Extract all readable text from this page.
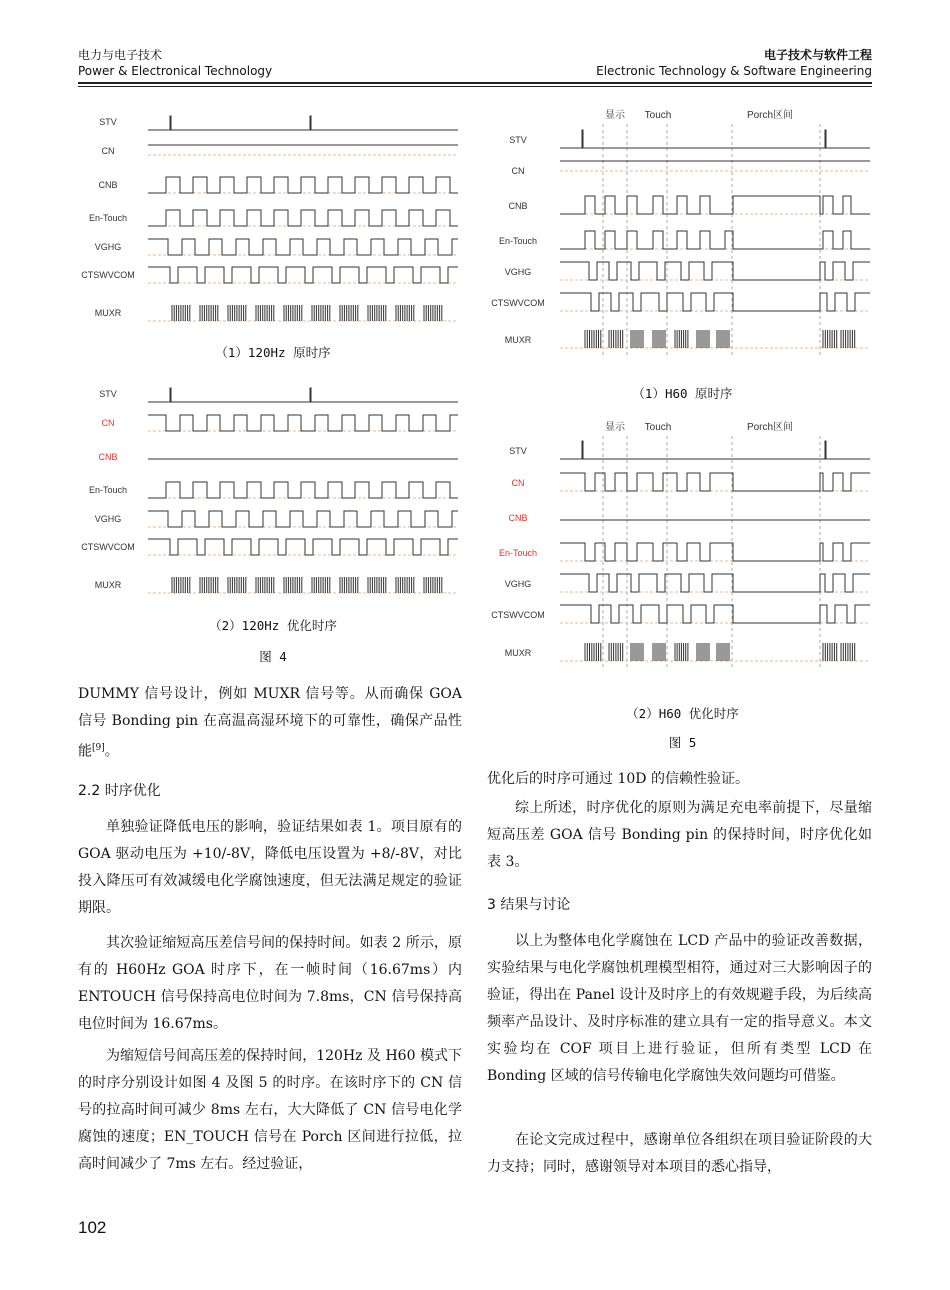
电力与电子技术
Power & Electronical Technology
电子技术与软件工程
Electronic Technology & Software Engineering
STV
CN
CNB
En-Touch
VGHG
CTSWVCOM
MUXR
（1）120Hz 原时序
STV
CN
CNB
En-Touch
VGHG
CTSWVCOM
MUXR
（2）120Hz 优化时序
图 4
显示 Touch	Porch区间
STV
CN
CNB
En-Touch
VGHG
CTSWVCOM
MUXR
（1）H60 原时序
显示 Touch	Porch区间
STV
CN
CNB
En-Touch
VGHG
CTSWVCOM
MUXR
（2）H60 优化时序
图 5
DUMMY 信号设计，例如 MUXR 信号等。从而确保 GOA 信号 Bonding pin 在高温高湿环境下的可靠性，确保产品性能[9]。
2.2 时序优化
单独验证降低电压的影响，验证结果如表 1。项目原有的 GOA 驱动电压为 +10/-8V，降低电压设置为 +8/-8V，对比投入降压可有效减缓电化学腐蚀速度，但无法满足规定的验证期限。
其次验证缩短高压差信号间的保持时间。如表 2 所示，原有的 H60Hz GOA 时序下，在一帧时间（16.67ms）内 ENTOUCH 信号保持高电位时间为 7.8ms，CN 信号保持高电位时间为 16.67ms。
为缩短信号间高压差的保持时间，120Hz 及 H60 模式下的时序分别设计如图 4 及图 5 的时序。在该时序下的 CN 信号的拉高时间可减少 8ms 左右，大大降低了 CN 信号电化学腐蚀的速度；EN_TOUCH 信号在 Porch 区间进行拉低，拉高时间减少了 7ms 左右。经过验证，
优化后的时序可通过 10D 的信赖性验证。
综上所述，时序优化的原则为满足充电率前提下，尽量缩短高压差 GOA 信号 Bonding pin 的保持时间，时序优化如表 3。
3 结果与讨论
以上为整体电化学腐蚀在 LCD 产品中的验证改善数据，实验结果与电化学腐蚀机理模型相符，通过对三大影响因子的验证，得出在 Panel 设计及时序上的有效规避手段，为后续高频率产品设计、及时序标准的建立具有一定的指导意义。本文实验均在 COF 项目上进行验证，但所有类型 LCD 在 Bonding 区域的信号传输电化学腐蚀失效问题均可借鉴。
在论文完成过程中，感谢单位各组织在项目验证阶段的大力支持；同时，感谢领导对本项目的悉心指导，
102
